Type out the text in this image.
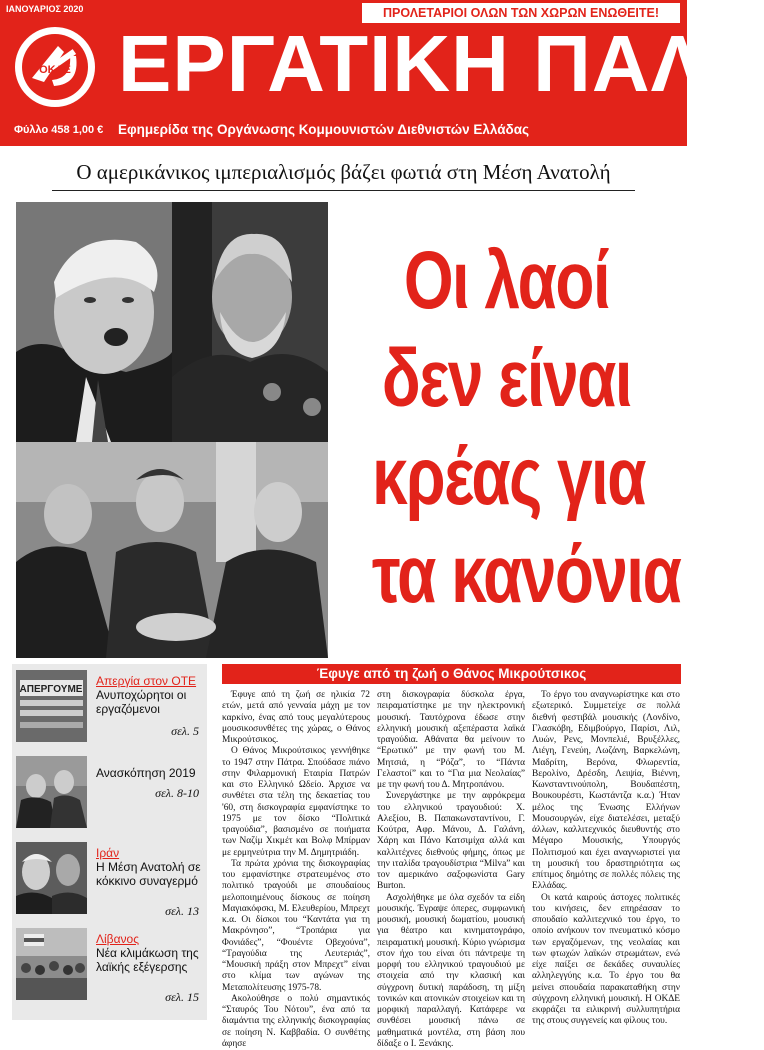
ΙΑΝΟΥΑΡΙΟΣ 2020	ΠΡΟΛΕΤΑΡΙΟΙ ΟΛΩΝ ΤΩΝ ΧΩΡΩΝ ΕΝΩΘΕΙΤΕ!
ΟΚΔΕ ΕΡΓΑΤΙΚΗ ΠΑΛΗ
Φύλλο 458 1,00 € Εφημερίδα της Οργάνωσης Κομμουνιστών Διεθνιστών Ελλάδας
Ο αμερικάνικος ιμπεριαλισμός βάζει φωτιά στη Μέση Ανατολή
Οι λαοί
δεν είναι
κρέας για
τα κανόνια
ΑΠΕΡΓΟΥΜΕ
Απεργία στον ΟΤΕ
Ανυποχώρητοι οι εργαζόμενοι
σελ. 5
Ανασκόπηση 2019
σελ. 8-10
Ιράν
Η Μέση Ανατολή σε κόκκινο συναγερμό
σελ. 13
Λίβανος
Νέα κλιμάκωση της λαϊκής εξέγερσης
σελ. 15
Έφυγε από τη ζωή ο Θάνος Μικρούτσικος

Έφυγε από τη ζωή σε ηλικία 72 ετών, μετά από γενναία μάχη με τον καρκίνο, ένας από τους μεγαλύτερους μουσικοσυνθέτες της χώρας, ο Θάνος Μικρούτσικος.

Ο Θάνος Μικρούτσικος γεννήθηκε το 1947 στην Πάτρα. Σπούδασε πιάνο στην Φιλαρμονική Εταιρία Πατρών και στο Ελληνικό Ωδείο. Άρχισε να συνθέτει στα τέλη της δεκαετίας του '60, στη δισκογραφία εμφανίστηκε το 1975 με τον δίσκο “Πολιτικά τραγούδια”, βασισμένο σε ποιήματα των Ναζίμ Χικμέτ και Βολφ Μπίρμαν με ερμηνεύτρια την Μ. Δημητριάδη.

Τα πρώτα χρόνια της δισκογραφίας του εμφανίστηκε στρατευμένος στο πολιτικό τραγούδι με σπουδαίους μελοποιημένους δίσκους σε ποίηση Μαγιακόφσκι, Μ. Ελευθερίου, Μπρεχτ κ.α. Οι δίσκοι του “Καντάτα για τη Μακρόνησο”, “Τροπάρια για Φονιάδες”, “Φουέντε Οβεχούνα”, “Τραγούδια της Λευτεριάς”, “Μουσική πράξη στον Μπρεχτ” είναι στο κλίμα των αγώνων της Μεταπολίτευσης 1975-78.

Ακολούθησε ο πολύ σημαντικός “Σταυρός Του Νότου”, ένα από τα διαμάντια της ελληνικής δισκογραφίας σε ποίηση Ν. Καββαδία. Ο συνθέτης άφησε

στη δισκογραφία δύσκολα έργα, πειραματίστηκε με την ηλεκτρονική μουσική. Ταυτόχρονα έδωσε στην ελληνική μουσική αξεπέραστα λαϊκά τραγούδια. Αθάνατα θα μείνουν το “Ερωτικό” με την φωνή του Μ. Μητσιά, η “Ρόζα”, το “Πάντα Γελαστοί” και το “Για μια Νεολαίας” με την φωνή του Δ. Μητροπάνου.

Συνεργάστηκε με την αφρόκρεμα του ελληνικού τραγουδιού: Χ. Αλεξίου, Β. Παπακωνσταντίνου, Γ. Κούτρα, Αφρ. Μάνου, Δ. Γαλάνη, Χάρη και Πάνο Κατσιμίχα αλλά και καλλιτέχνες διεθνούς φήμης, όπως με την ιταλίδα τραγουδίστρια “Milva” και τον αμερικάνο σαξοφωνίστα Gary Burton.

Ασχολήθηκε με όλα σχεδόν τα είδη μουσικής. Έγραψε όπερες, συμφωνική μουσική, μουσική δωματίου, μουσική για θέατρο και κινηματογράφο, πειραματική μουσική. Κύριο γνώρισμα στον ήχο του είναι ότι πάντρεψε τη μορφή του ελληνικού τραγουδιού με στοιχεία από την κλασική και σύγχρονη δυτική παράδοση, τη μίξη τονικών και ατονικών στοιχείων και τη μορφική παραλλαγή. Κατάφερε να συνθέσει μουσική πάνω σε μαθηματικά μοντέλα, στη βάση που δίδαξε ο Ι. Ξενάκης.

Το έργο του αναγνωρίστηκε και στο εξωτερικό. Συμμετείχε σε πολλά διεθνή φεστιβάλ μουσικής (Λονδίνο, Γλασκόβη, Εδιμβούργο, Παρίσι, Λιλ, Λυών, Ρενς, Μονπελιέ, Βρυξέλλες, Λιέγη, Γενεύη, Λωζάνη, Βαρκελώνη, Μαδρίτη, Βερόνα, Φλωρεντία, Βερολίνο, Δρέσδη, Λειψία, Βιέννη, Κωνσταντινούπολη, Βουδαπέστη, Βουκουρέστι, Κωστάντζα κ.α.) Ήταν μέλος της Ένωσης Ελλήνων Μουσουργών, είχε διατελέσει, μεταξύ άλλων, καλλιτεχνικός διευθυντής στο Μέγαρο Μουσικής, Υπουργός Πολιτισμού και έχει αναγνωριστεί για τη μουσική του δραστηριότητα ως επίτιμος δημότης σε πολλές πόλεις της Ελλάδας.

Οι κατά καιρούς άστοχες πολιτικές του κινήσεις, δεν επηρέασαν το σπουδαίο καλλιτεχνικό του έργο, το οποίο ανήκουν τον πνευματικό κόσμο των εργαζόμενων, της νεολαίας και των φτωχών λαϊκών στρωμάτων, ενώ είχε παίξει σε δεκάδες συναυλίες αλληλεγγύης κ.α. Το έργο του θα μείνει σπουδαία παρακαταθήκη στην σύγχρονη ελληνική μουσική. Η ΟΚΔΕ εκφράζει τα ειλικρινή συλλυπητήρια της στους συγγενείς και φίλους του.
